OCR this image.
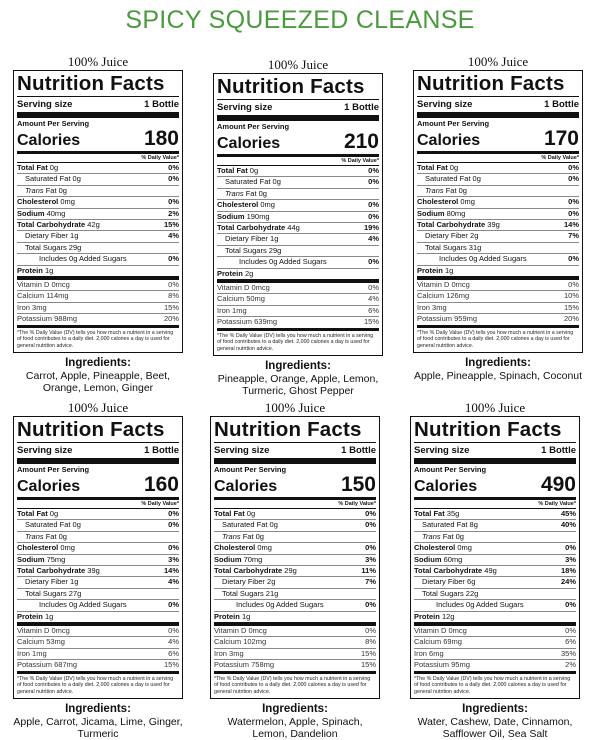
SPICY SQUEEZED CLEANSE
100% Juice
Nutrition Facts
Serving size	1 Bottle
Amount Per Serving
Calories	180
% Daily Value*
Total Fat 0g	0%
Saturated Fat 0g	0%
Trans Fat 0g
Cholesterol 0mg	0%
Sodium 40mg	2%
Total Carbohydrate 42g	15%
Dietary Fiber 1g	4%
Total Sugars 29g
Includes 0g Added Sugars	0%
Protein 1g
Vitamin D 0mcg	0%
Calcium 114mg	8%
Iron 3mg	15%
Potassium 988mg	20%
*The % Daily Value (DV) tells you how much a nutrient in a serving of food contributes to a daily diet. 2,000 calories a day is used for general nutrition advice.
Ingredients:
Carrot, Apple, Pineapple, Beet, Orange, Lemon, Ginger
100% Juice
Nutrition Facts
Serving size	1 Bottle
Amount Per Serving
Calories	210
% Daily Value*
Total Fat 0g	0%
Saturated Fat 0g	0%
Trans Fat 0g
Cholesterol 0mg	0%
Sodium 190mg	0%
Total Carbohydrate 44g	19%
Dietary Fiber 1g	4%
Total Sugars 29g
Includes 0g Added Sugars	0%
Protein 2g
Vitamin D 0mcg	0%
Calcium 50mg	4%
Iron 1mg	6%
Potassium 639mg	15%
*The % Daily Value (DV) tells you how much a nutrient in a serving of food contributes to a daily diet. 2,000 calories a day is used for general nutrition advice.
Ingredients:
Pineapple, Orange, Apple, Lemon, Turmeric, Ghost Pepper
100% Juice
Nutrition Facts
Serving size	1 Bottle
Amount Per Serving
Calories	170
% Daily Value*
Total Fat 0g	0%
Saturated Fat 0g	0%
Trans Fat 0g
Cholesterol 0mg	0%
Sodium 80mg	0%
Total Carbohydrate 39g	14%
Dietary Fiber 2g	7%
Total Sugars 31g
Includes 0g Added Sugars	0%
Protein 1g
Vitamin D 0mcg	0%
Calcium 126mg	10%
Iron 3mg	15%
Potassium 959mg	20%
*The % Daily Value (DV) tells you how much a nutrient in a serving of food contributes to a daily diet. 2,000 calories a day is used for general nutrition advice.
Ingredients:
Apple, Pineapple, Spinach, Coconut
100% Juice
Nutrition Facts
Serving size	1 Bottle
Amount Per Serving
Calories	160
% Daily Value*
Total Fat 0g	0%
Saturated Fat 0g	0%
Trans Fat 0g
Cholesterol 0mg	0%
Sodium 75mg	3%
Total Carbohydrate 39g	14%
Dietary Fiber 1g	4%
Total Sugars 27g
Includes 0g Added Sugars	0%
Protein 1g
Vitamin D 0mcg	0%
Calcium 53mg	4%
Iron 1mg	6%
Potassium 687mg	15%
*The % Daily Value (DV) tells you how much a nutrient in a serving of food contributes to a daily diet. 2,000 calories a day is used for general nutrition advice.
Ingredients:
Apple, Carrot, Jicama, Lime, Ginger, Turmeric
100% Juice
Nutrition Facts
Serving size	1 Bottle
Amount Per Serving
Calories	150
% Daily Value*
Total Fat 0g	0%
Saturated Fat 0g	0%
Trans Fat 0g
Cholesterol 0mg	0%
Sodium 70mg	3%
Total Carbohydrate 29g	11%
Dietary Fiber 2g	7%
Total Sugars 21g
Includes 0g Added Sugars	0%
Protein 1g
Vitamin D 0mcg	0%
Calcium 102mg	8%
Iron 3mg	15%
Potassium 758mg	15%
*The % Daily Value (DV) tells you how much a nutrient in a serving of food contributes to a daily diet. 2,000 calories a day is used for general nutrition advice.
Ingredients:
Watermelon, Apple, Spinach, Lemon, Dandelion
100% Juice
Nutrition Facts
Serving size	1 Bottle
Amount Per Serving
Calories	490
% Daily Value*
Total Fat 35g	45%
Saturated Fat 8g	40%
Trans Fat 0g
Cholesterol 0mg	0%
Sodium 60mg	3%
Total Carbohydrate 49g	18%
Dietary Fiber 6g	24%
Total Sugars 22g
Includes 0g Added Sugars	0%
Protein 12g
Vitamin D 0mcg	0%
Calcium 69mg	6%
Iron 6mg	35%
Potassium 95mg	2%
*The % Daily Value (DV) tells you how much a nutrient in a serving of food contributes to a daily diet. 2,000 calories a day is used for general nutrition advice.
Ingredients:
Water, Cashew, Date, Cinnamon, Safflower Oil, Sea Salt
